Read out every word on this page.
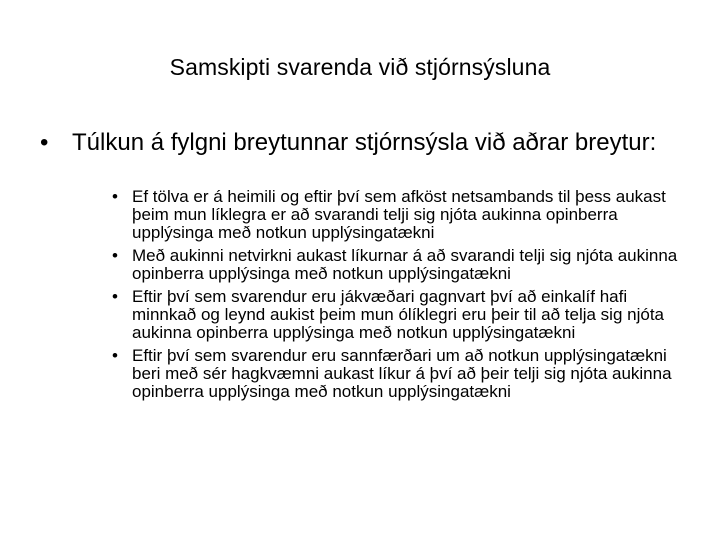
Samskipti svarenda við stjórnsýsluna
• Túlkun á fylgni breytunnar stjórnsýsla við aðrar breytur:
• Ef tölva er á heimili og eftir því sem afköst netsambands til þess aukast þeim mun líklegra er að svarandi telji sig njóta aukinna opinberra upplýsinga með notkun upplýsingatækni
• Með aukinni netvirkni aukast líkurnar á að svarandi telji sig njóta aukinna opinberra upplýsinga með notkun upplýsingatækni
• Eftir því sem svarendur eru jákvæðari gagnvart því að einkalíf hafi minnkað og leynd aukist þeim mun ólíklegri eru þeir til að telja sig njóta aukinna opinberra upplýsinga með notkun upplýsingatækni
• Eftir því sem svarendur eru sannfærðari um að notkun upplýsingatækni beri með sér hagkvæmni aukast líkur á því að þeir telji sig njóta aukinna opinberra upplýsinga með notkun upplýsingatækni
